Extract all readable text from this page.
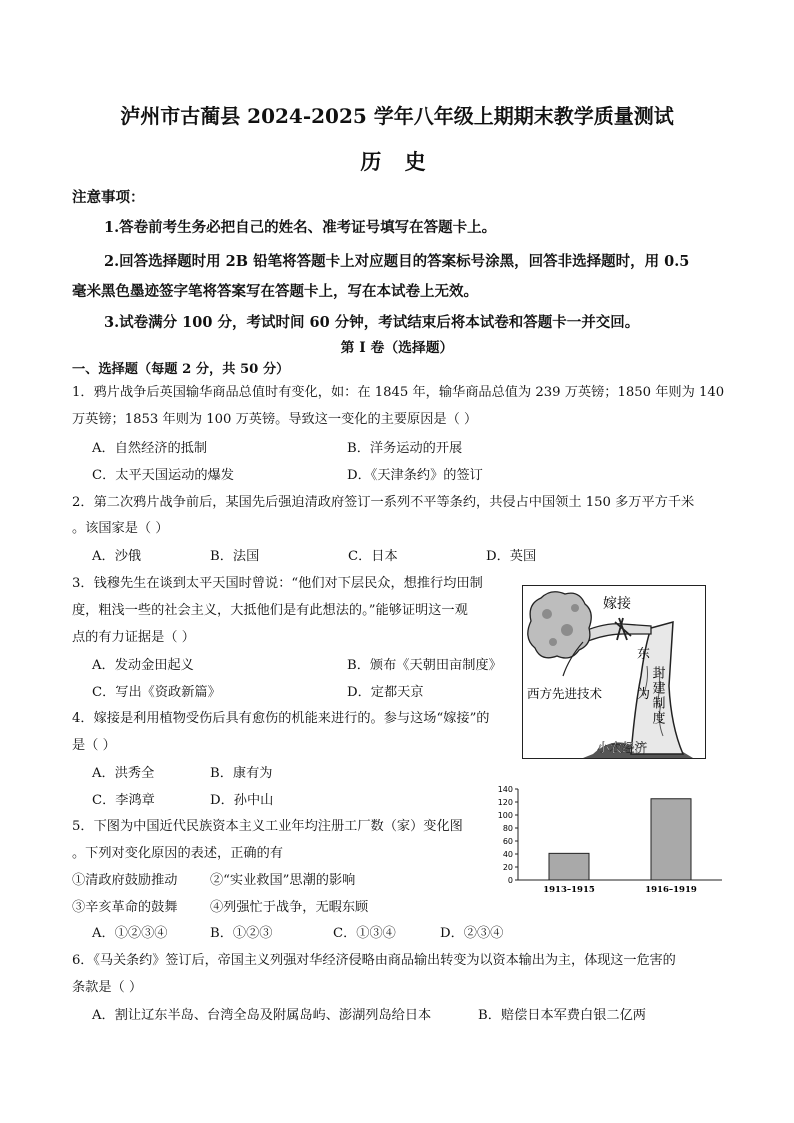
泸州市古蔺县 2024-2025 学年八年级上期期末教学质量测试
历 史
注意事项：
1.答卷前考生务必把自己的姓名、准考证号填写在答题卡上。
2.回答选择题时用 2B 铅笔将答题卡上对应题目的答案标号涂黑，回答非选择题时，用 0.5
毫米黑色墨迹签字笔将答案写在答题卡上，写在本试卷上无效。
3.试卷满分 100 分，考试时间 60 分钟，考试结束后将本试卷和答题卡一并交回。
第 I 卷（选择题）
一、选择题（每题 2 分，共 50 分）
1．鸦片战争后英国输华商品总值时有变化，如：在 1845 年，输华商品总值为 239 万英镑；1850 年则为 140
万英镑；1853 年则为 100 万英镑。导致这一变化的主要原因是（ ）
A．自然经济的抵制	B．洋务运动的开展
C．太平天国运动的爆发	D．《天津条约》的签订
2．第二次鸦片战争前后，某国先后强迫清政府签订一系列不平等条约，共侵占中国领土 150 多万平方千米
。该国家是（ ）
A．沙俄	B．法国	C．日本	D．英国
3．钱穆先生在谈到太平天国时曾说：“他们对下层民众，想推行均田制
度，粗浅一些的社会主义，大抵他们是有此想法的。”能够证明这一观
点的有力证据是（ ）
A．发动金田起义	B．颁布《天朝田亩制度》
C．写出《资政新篇》	D．定都天京
4．嫁接是利用植物受伤后具有愈伤的机能来进行的。参与这场“嫁接”的
是（ ）
A．洪秀全	B．康有为
C．李鸿章	D．孙中山
嫁接
东
为 封建制度
西方先进技术
小农经济
5．下图为中国近代民族资本主义工业年均注册工厂数（家）变化图
。下列对变化原因的表述，正确的有
①清政府鼓励推动 ②“实业救国”思潮的影响
③辛亥革命的鼓舞 ④列强忙于战争，无暇东顾
A．①②③④	B．①②③	C．①③④	D．②③④
0
20
40
60
80
100
120
140
1913–1915	1916–1919
6．《马关条约》签订后，帝国主义列强对华经济侵略由商品输出转变为以资本输出为主，体现这一危害的
条款是（ ）
A．割让辽东半岛、台湾全岛及附属岛屿、澎湖列岛给日本	B．赔偿日本军费白银二亿两
